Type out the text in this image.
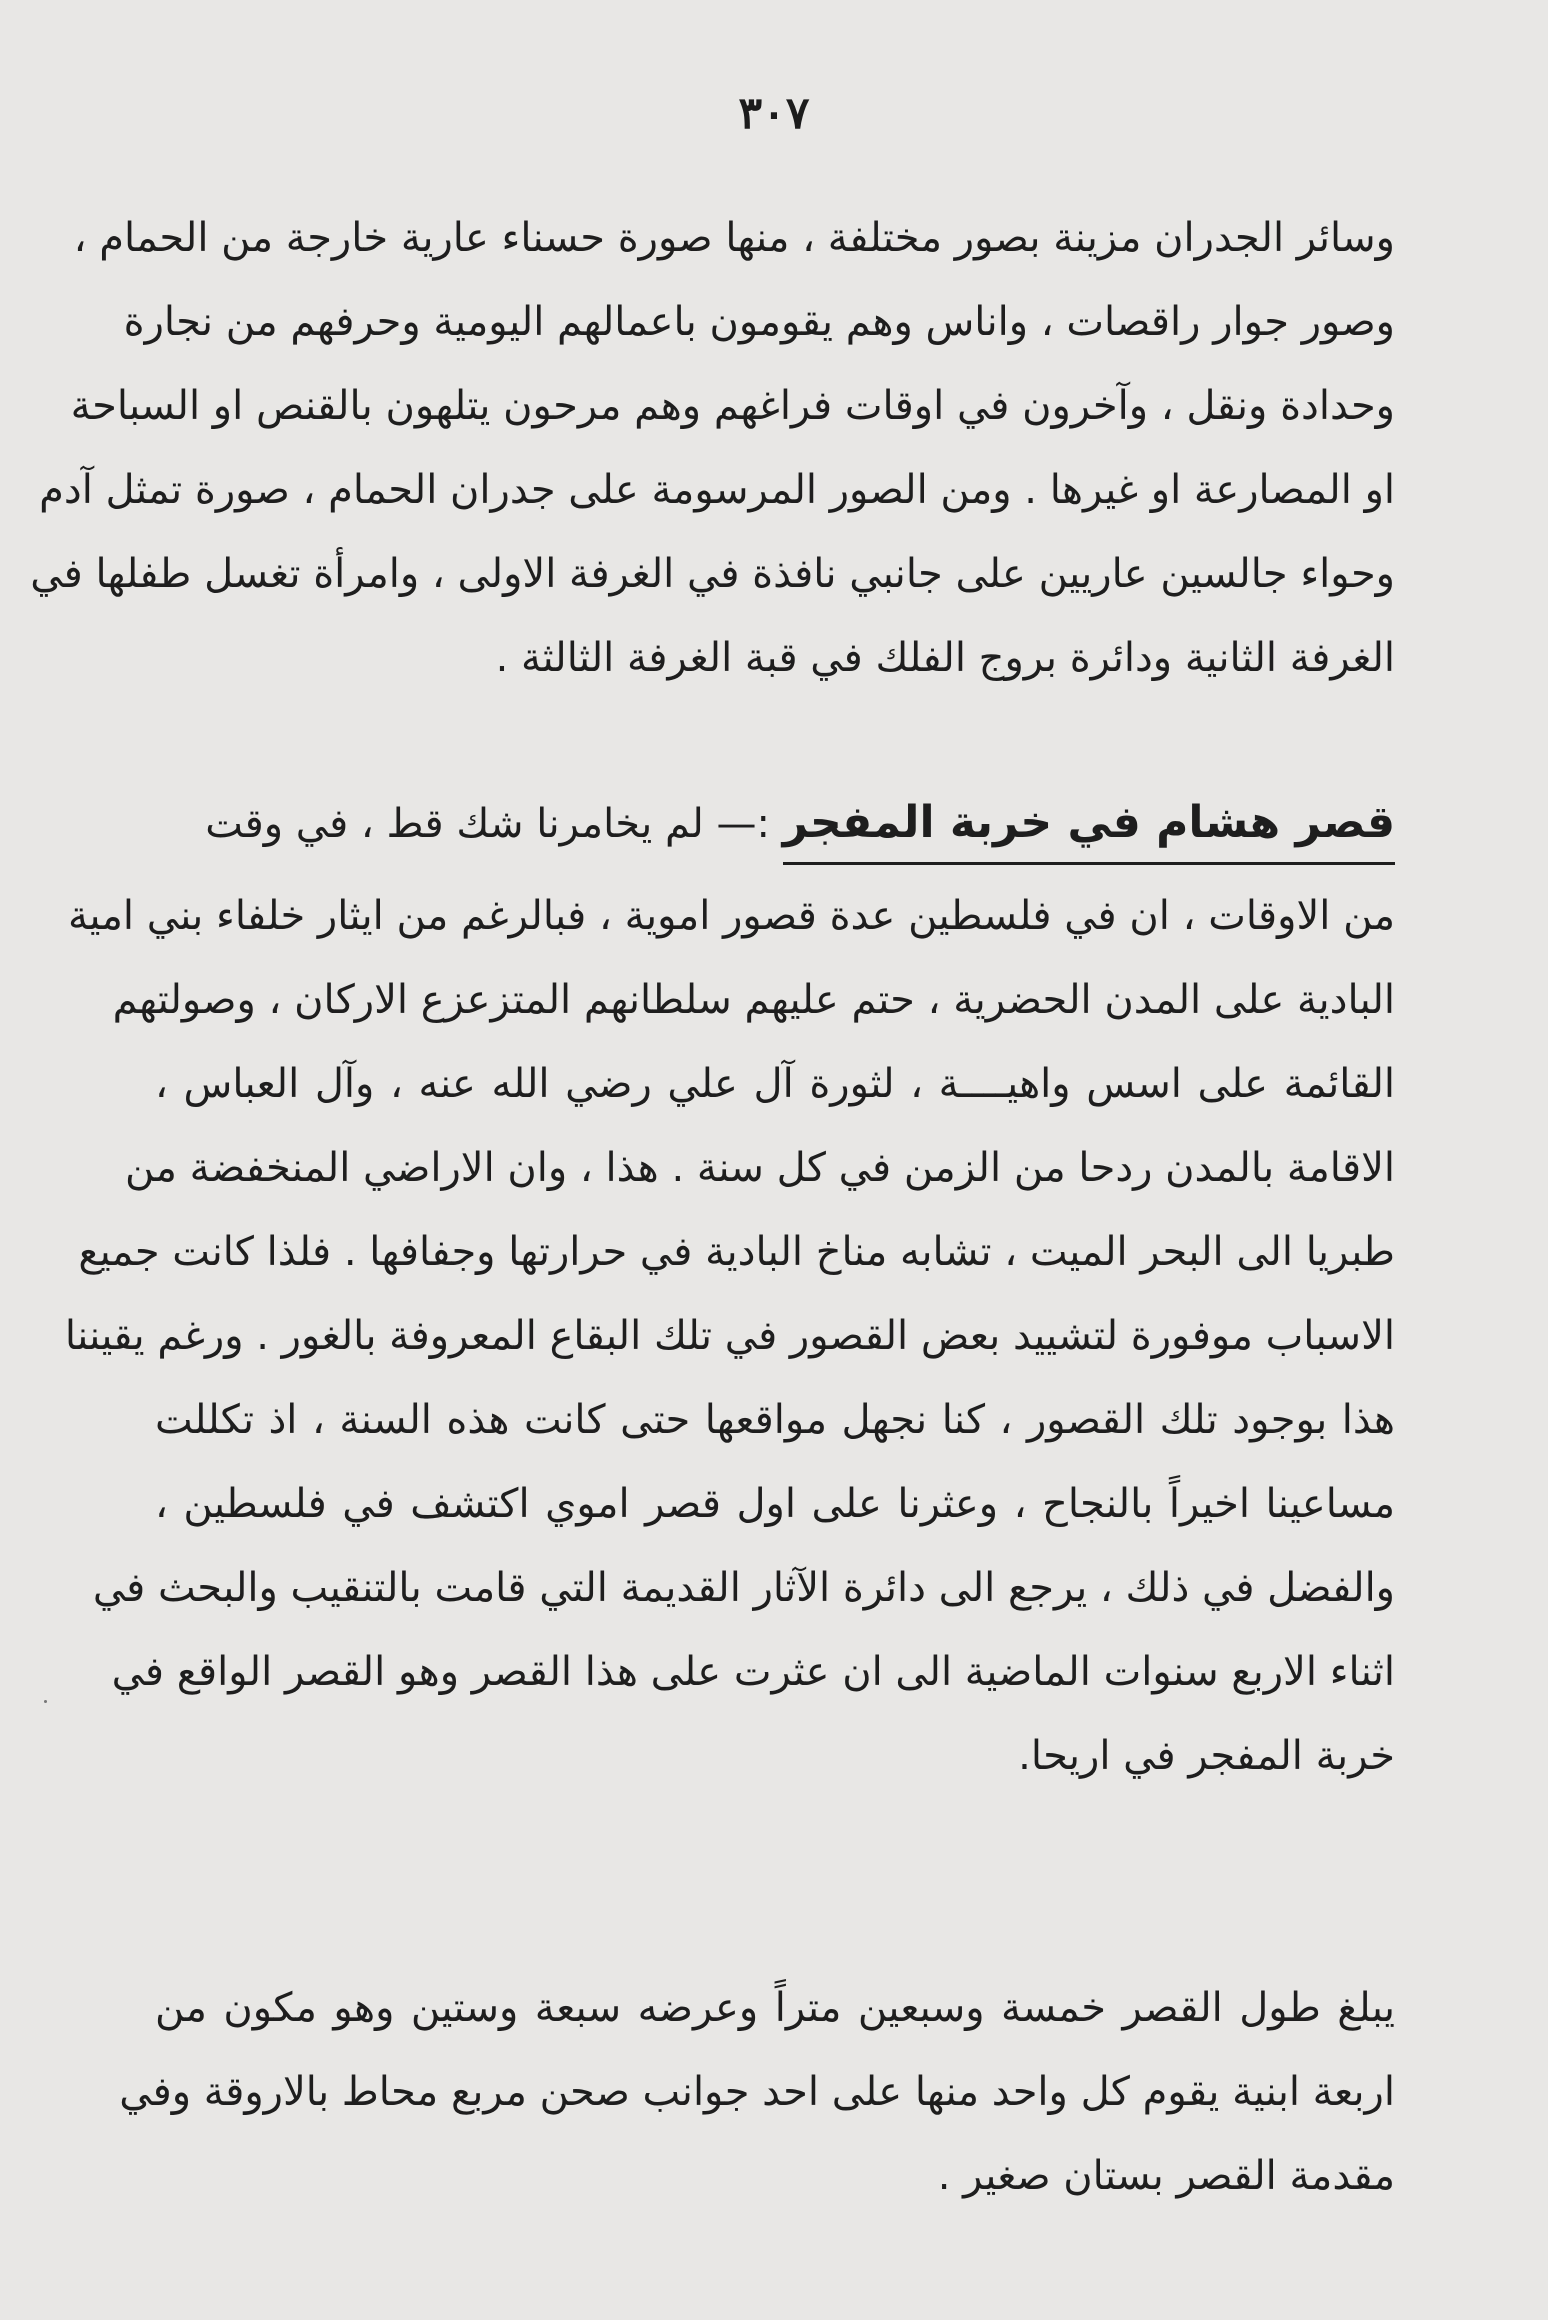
٣٠٧
وسائر الجدران مزينة بصور مختلفة ، منها صورة حسناء عارية خارجة من الحمام ،
وصور جوار راقصات ، واناس وهم يقومون باعمالهم اليومية وحرفهم من نجارة
وحدادة ونقل ، وآخرون في اوقات فراغهم وهم مرحون يتلهون بالقنص او السباحة
او المصارعة او غيرها . ومن الصور المرسومة على جدران الحمام ، صورة تمثل آدم
وحواء جالسين عاريين على جانبي نافذة في الغرفة الاولى ، وامرأة تغسل طفلها في
الغرفة الثانية ودائرة بروج الفلك في قبة الغرفة الثالثة .
قصر هشام في خربة المفجر :— لم يخامرنا شك قط ، في وقت
من الاوقات ، ان في فلسطين عدة قصور اموية ، فبالرغم من ايثار خلفاء بني امية
البادية على المدن الحضرية ، حتم عليهم سلطانهم المتزعزع الاركان ، وصولتهم
القائمة على اسس واهيــــة ، لثورة آل علي رضي الله عنه ، وآل العباس ،
الاقامة بالمدن ردحا من الزمن في كل سنة . هذا ، وان الاراضي المنخفضة من
طبريا الى البحر الميت ، تشابه مناخ البادية في حرارتها وجفافها . فلذا كانت جميع
الاسباب موفورة لتشييد بعض القصور في تلك البقاع المعروفة بالغور . ورغم يقيننا
هذا بوجود تلك القصور ، كنا نجهل مواقعها حتى كانت هذه السنة ، اذ تكللت
مساعينا اخيراً بالنجاح ، وعثرنا على اول قصر اموي اكتشف في فلسطين ،
والفضل في ذلك ، يرجع الى دائرة الآثار القديمة التي قامت بالتنقيب والبحث في
اثناء الاربع سنوات الماضية الى ان عثرت على هذا القصر وهو القصر الواقع في
خربة المفجر في اريحا.
يبلغ طول القصر خمسة وسبعين متراً وعرضه سبعة وستين وهو مكون من
اربعة ابنية يقوم كل واحد منها على احد جوانب صحن مربع محاط بالاروقة وفي
مقدمة القصر بستان صغير .
